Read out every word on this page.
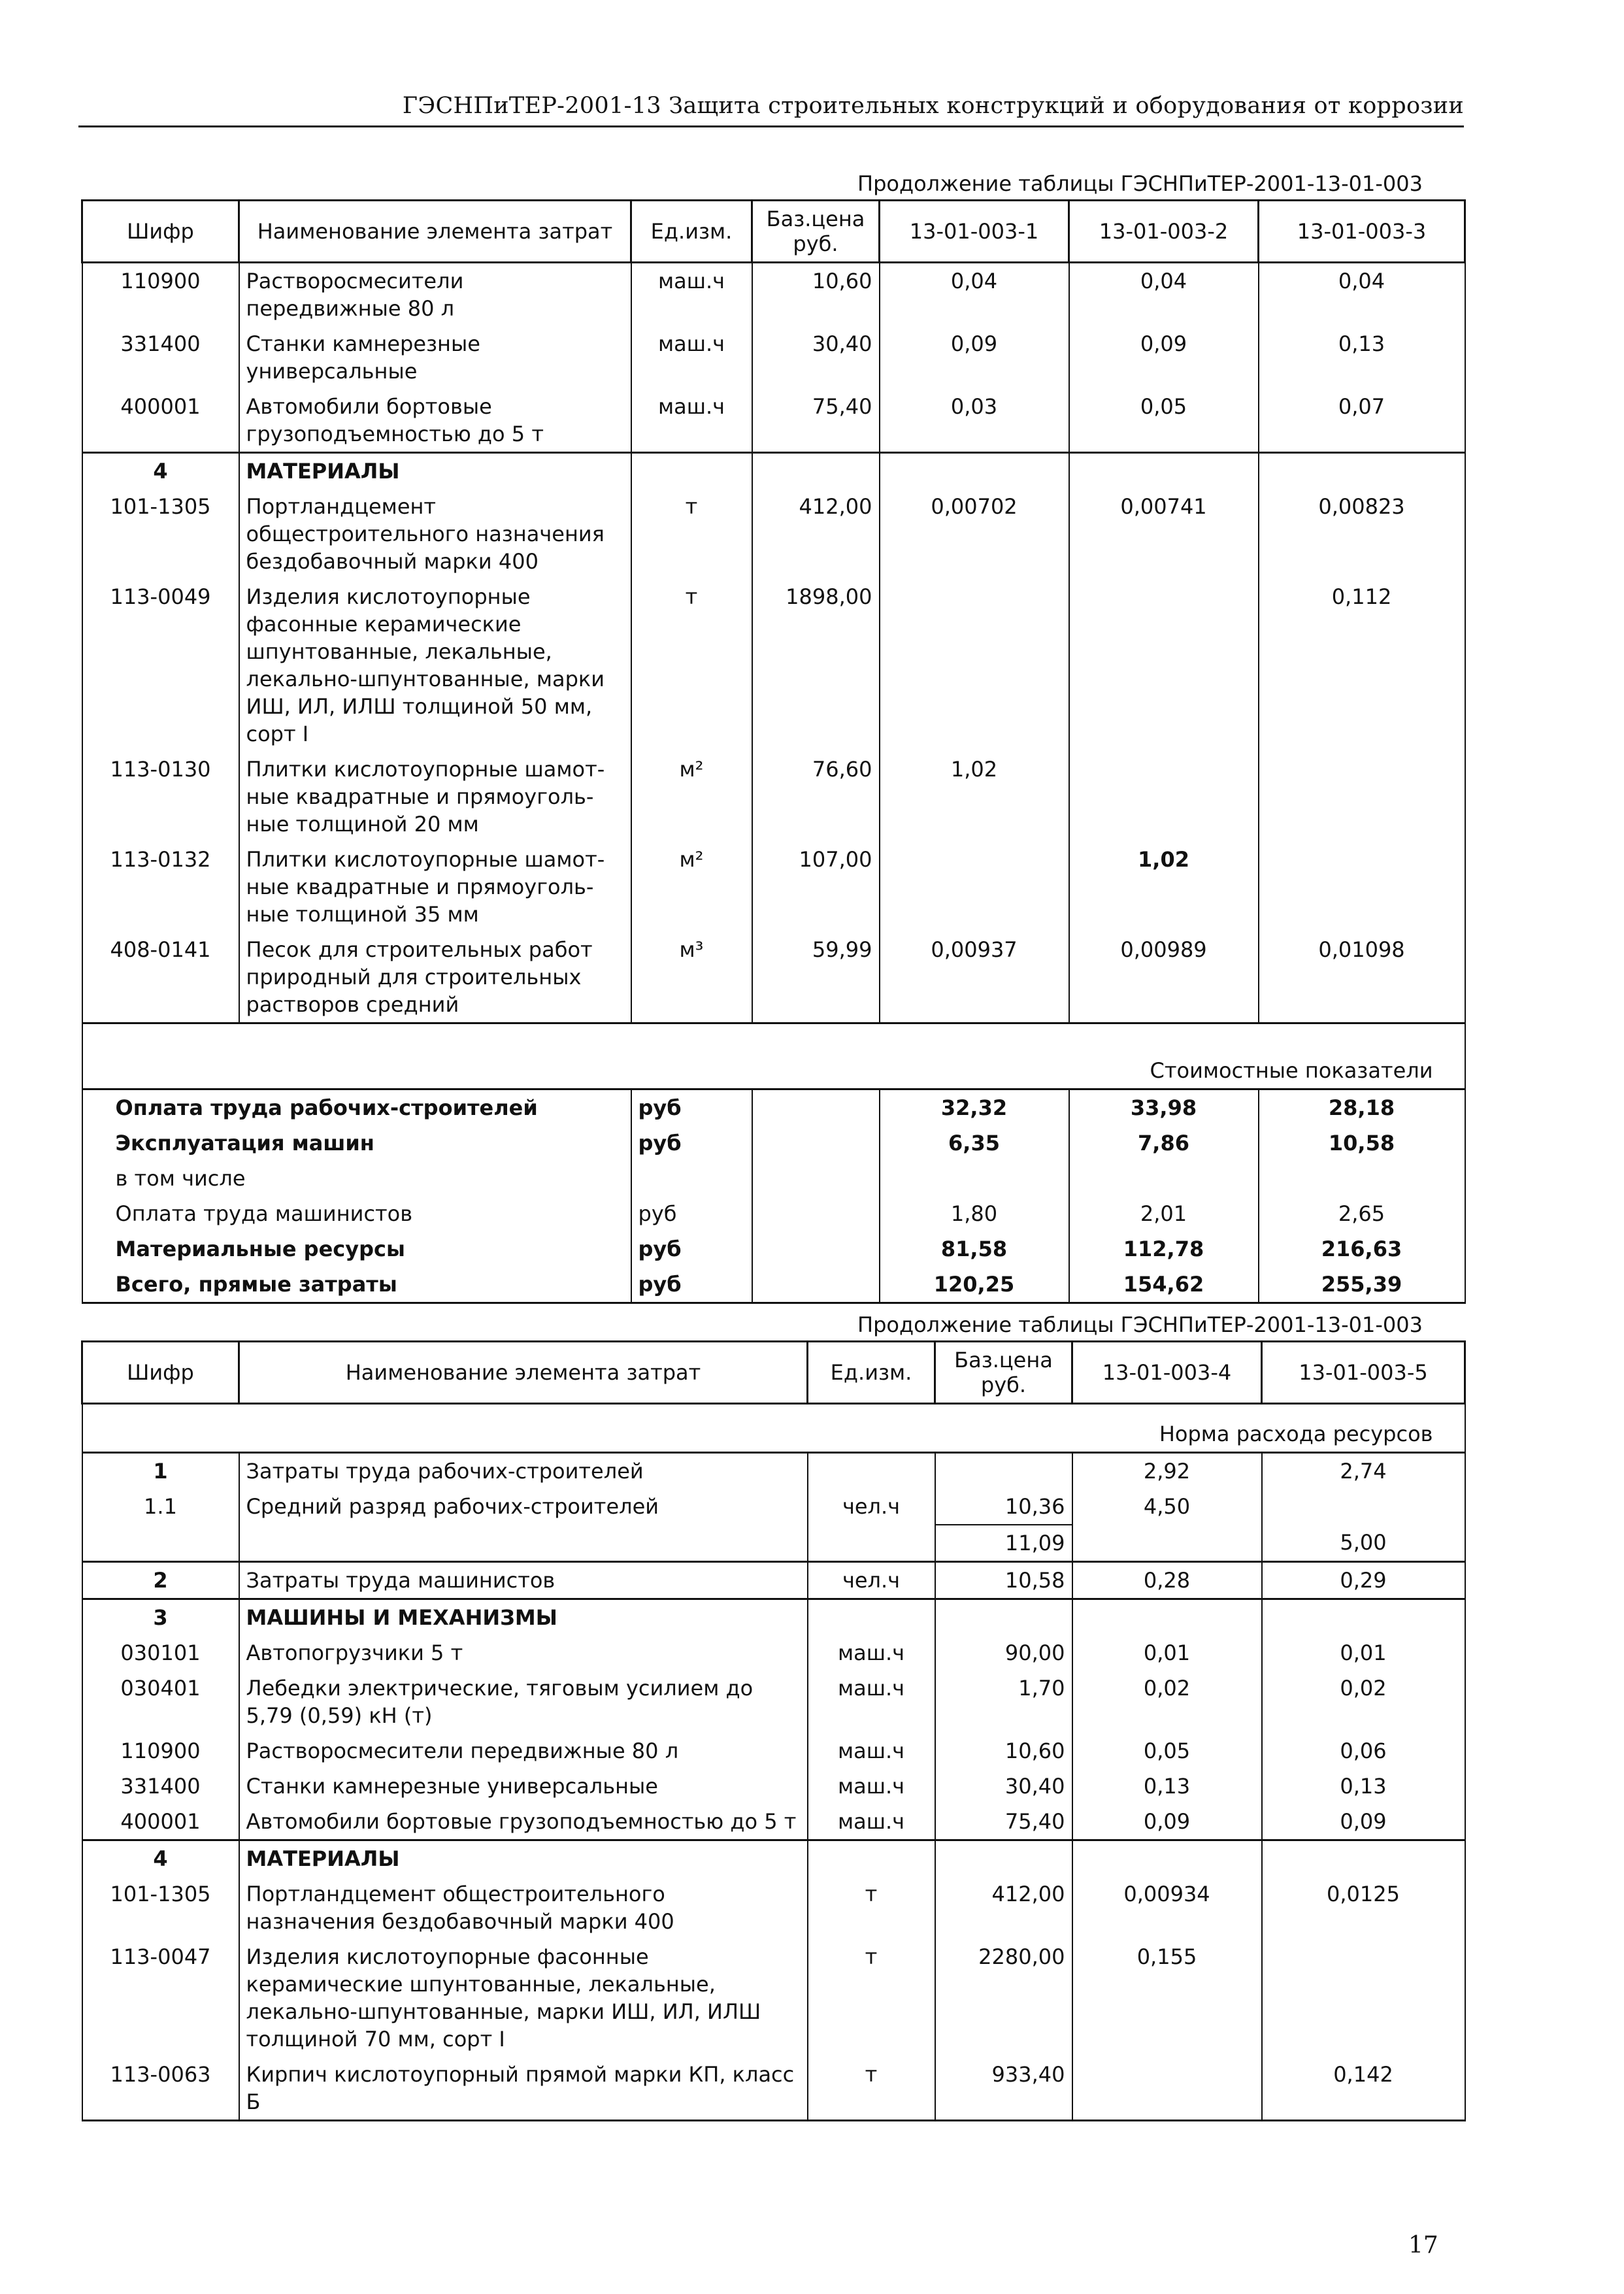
ГЭСНПиТЕР-2001-13 Защита строительных конструкций и оборудования от коррозии
Продолжение таблицы ГЭСНПиТЕР-2001-13-01-003
Шифр	Наименование элемента затрат	Ед.изм.	Баз.цена руб.	13-01-003-1	13-01-003-2	13-01-003-3
110900	Растворосмесители передвижные 80 л	маш.ч	10,60	0,04	0,04	0,04
331400	Станки камнерезные универсальные	маш.ч	30,40	0,09	0,09	0,13
400001	Автомобили бортовые грузоподъемностью до 5 т	маш.ч	75,40	0,03	0,05	0,07
4	МАТЕРИАЛЫ					
101-1305	Портландцемент общестроительного назначения бездобавочный марки 400	т	412,00	0,00702	0,00741	0,00823
113-0049	Изделия кислотоупорные фасонные керамические шпунтованные, лекальные, лекально-шпунтованные, марки ИШ, ИЛ, ИЛШ толщиной 50 мм, сорт I	т	1898,00			0,112
113-0130	Плитки кислотоупорные шамот-ные квадратные и прямоуголь-ные толщиной 20 мм	м²	76,60	1,02		
113-0132	Плитки кислотоупорные шамот-ные квадратные и прямоуголь-ные толщиной 35 мм	м²	107,00		1,02	
408-0141	Песок для строительных работ природный для строительных растворов средний	м³	59,99	0,00937	0,00989	0,01098
Стоимостные показатели						
Оплата труда рабочих-строителей		руб		32,32	33,98	28,18
Эксплуатация машин		руб		6,35	7,86	10,58
в том числе						
Оплата труда машинистов		руб		1,80	2,01	2,65
Материальные ресурсы		руб		81,58	112,78	216,63
Всего, прямые затраты		руб		120,25	154,62	255,39
Продолжение таблицы ГЭСНПиТЕР-2001-13-01-003
Шифр	Наименование элемента затрат	Ед.изм.	Баз.цена руб.	13-01-003-4	13-01-003-5
Норма расхода ресурсов					
1	Затраты труда рабочих-строителей			2,92	2,74
1.1	Средний разряд рабочих-строителей	чел.ч	10,36	4,50	
			11,09		5,00
2	Затраты труда машинистов	чел.ч	10,58	0,28	0,29
3	МАШИНЫ И МЕХАНИЗМЫ				
030101	Автопогрузчики 5 т	маш.ч	90,00	0,01	0,01
030401	Лебедки электрические, тяговым усилием до 5,79 (0,59) кН (т)	маш.ч	1,70	0,02	0,02
110900	Растворосмесители передвижные 80 л	маш.ч	10,60	0,05	0,06
331400	Станки камнерезные универсальные	маш.ч	30,40	0,13	0,13
400001	Автомобили бортовые грузоподъемностью до 5 т	маш.ч	75,40	0,09	0,09
4	МАТЕРИАЛЫ				
101-1305	Портландцемент общестроительного назначения бездобавочный марки 400	т	412,00	0,00934	0,0125
113-0047	Изделия кислотоупорные фасонные керамические шпунтованные, лекальные, лекально-шпунтованные, марки ИШ, ИЛ, ИЛШ толщиной 70 мм, сорт I	т	2280,00	0,155	
113-0063	Кирпич кислотоупорный прямой марки КП, класс Б	т	933,40		0,142
17
